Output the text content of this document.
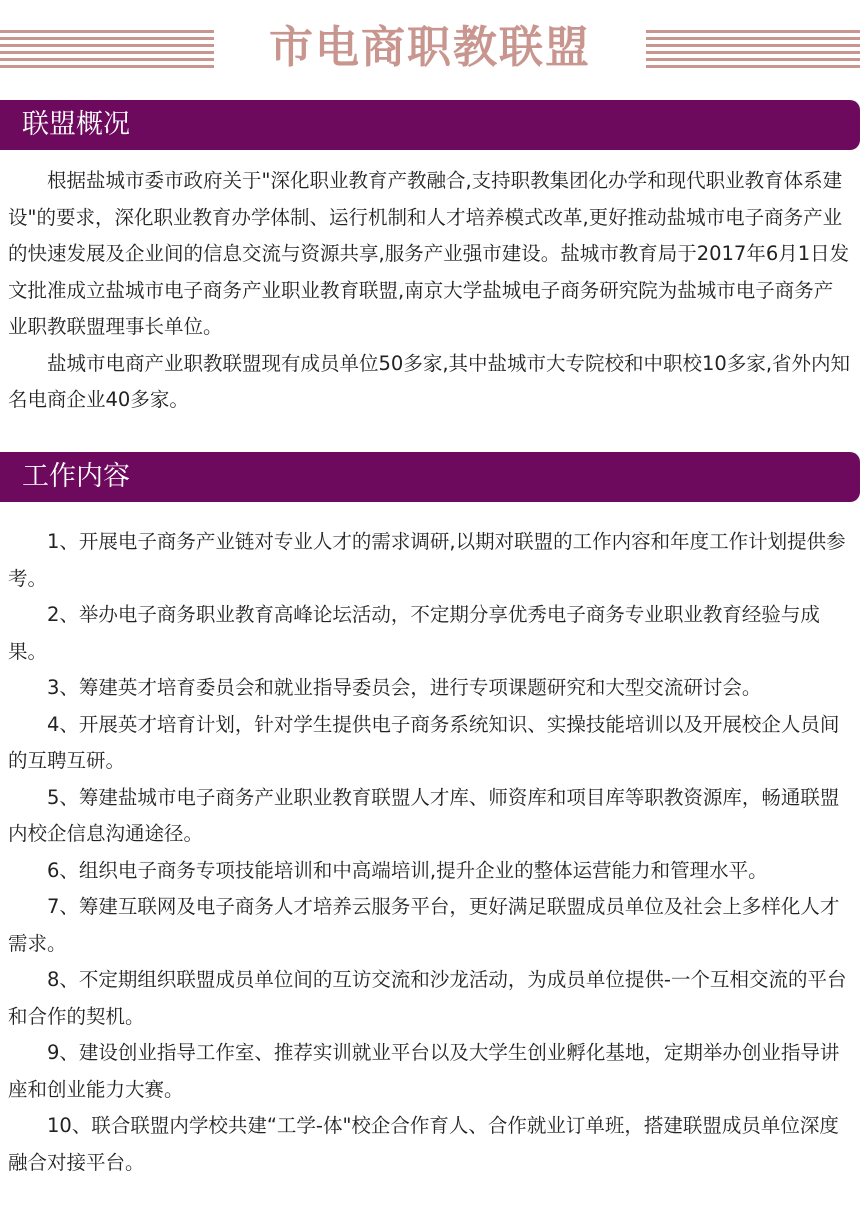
市电商职教联盟
联盟概况

根据盐城市委市政府关于"深化职业教育产教融合,支持职教集团化办学和现代职业教育体系建设"的要求，深化职业教育办学体制、运行机制和人才培养模式改革,更好推动盐城市电子商务产业的快速发展及企业间的信息交流与资源共享,服务产业强市建设。盐城市教育局于2017年6月1日发文批准成立盐城市电子商务产业职业教育联盟,南京大学盐城电子商务研究院为盐城市电子商务产业职教联盟理事长单位。

盐城市电商产业职教联盟现有成员单位50多家,其中盐城市大专院校和中职校10多家,省外内知名电商企业40多家。

工作内容

1、开展电子商务产业链对专业人才的需求调研,以期对联盟的工作内容和年度工作计划提供参考。

2、举办电子商务职业教育高峰论坛活动，不定期分享优秀电子商务专业职业教育经验与成果。

3、筹建英才培育委员会和就业指导委员会，进行专项课题研究和大型交流研讨会。

4、开展英才培育计划，针对学生提供电子商务系统知识、实操技能培训以及开展校企人员间的互聘互研。

5、筹建盐城市电子商务产业职业教育联盟人才库、师资库和项目库等职教资源库，畅通联盟内校企信息沟通途径。

6、组织电子商务专项技能培训和中高端培训,提升企业的整体运营能力和管理水平。

7、筹建互联网及电子商务人才培养云服务平台，更好满足联盟成员单位及社会上多样化人才需求。

8、不定期组织联盟成员单位间的互访交流和沙龙活动，为成员单位提供-一个互相交流的平台和合作的契机。

9、建设创业指导工作室、推荐实训就业平台以及大学生创业孵化基地，定期举办创业指导讲座和创业能力大赛。

10、联合联盟内学校共建“工学-体"校企合作育人、合作就业订单班，搭建联盟成员单位深度融合对接平台。
